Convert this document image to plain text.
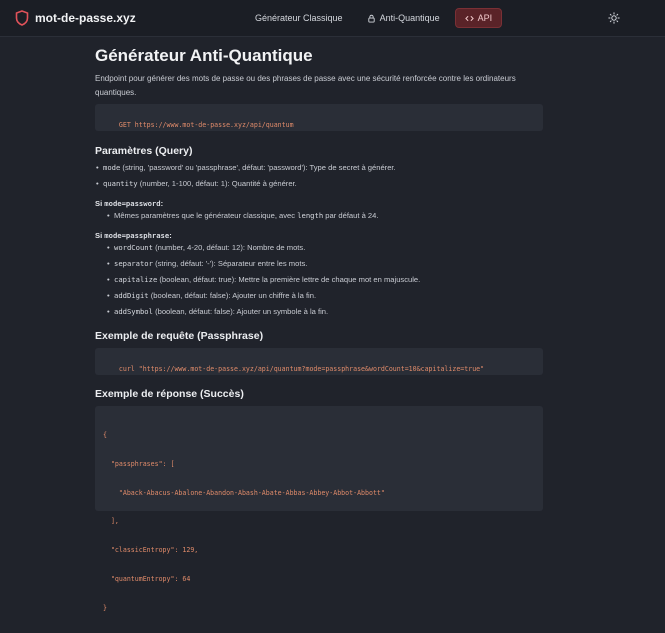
mot-de-passe.xyz	Générateur Classique	Anti-Quantique	API
Générateur Anti-Quantique

Endpoint pour générer des mots de passe ou des phrases de passe avec une sécurité renforcée contre les ordinateurs quantiques.

GET https://www.mot-de-passe.xyz/api/quantum

Paramètres (Query)
• mode (string, 'password' ou 'passphrase', défaut: 'password'): Type de secret à générer.
• quantity (number, 1-100, défaut: 1): Quantité à générer.
Si mode=password:
• Mêmes paramètres que le générateur classique, avec length par défaut à 24.
Si mode=passphrase:
• wordCount (number, 4-20, défaut: 12): Nombre de mots.
• separator (string, défaut: '-'): Séparateur entre les mots.
• capitalize (boolean, défaut: true): Mettre la première lettre de chaque mot en majuscule.
• addDigit (boolean, défaut: false): Ajouter un chiffre à la fin.
• addSymbol (boolean, défaut: false): Ajouter un symbole à la fin.
Exemple de requête (Passphrase)

curl "https://www.mot-de-passe.xyz/api/quantum?mode=passphrase&wordCount=10&capitalize=true"

Exemple de réponse (Succès)

{

"passphrases": [

"Aback-Abacus-Abalone-Abandon-Abash-Abate-Abbas-Abbey-Abbot-Abbott"

],

"classicEntropy": 129,

"quantumEntropy": 64

}
